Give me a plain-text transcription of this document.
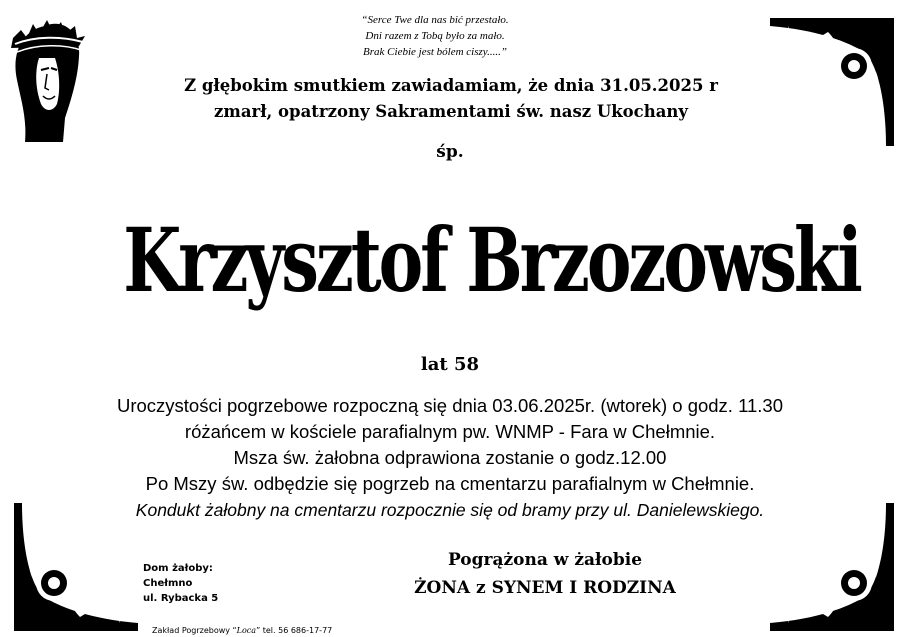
“Serce Twe dla nas bić przestało.
Dni razem z Tobą było za mało.
Brak Ciebie jest bólem ciszy.....”
Z głębokim smutkiem zawiadamiam, że dnia 31.05.2025 r
zmarł, opatrzony Sakramentami św. nasz Ukochany
śp.
Krzysztof Brzozowski
lat 58
Uroczystości pogrzebowe rozpoczną się dnia 03.06.2025r. (wtorek) o godz. 11.30
różańcem w kościele parafialnym pw. WNMP - Fara w Chełmnie.
Msza św. żałobna odprawiona zostanie o godz.12.00
Po Mszy św. odbędzie się pogrzeb na cmentarzu parafialnym w Chełmnie.
Kondukt żałobny na cmentarzu rozpocznie się od bramy przy ul. Danielewskiego.
Dom żałoby:
Chełmno
ul. Rybacka 5
Pogrążona w żałobie
ŻONA z SYNEM I RODZINA
Zakład Pogrzebowy “Loca” tel. 56 686-17-77
